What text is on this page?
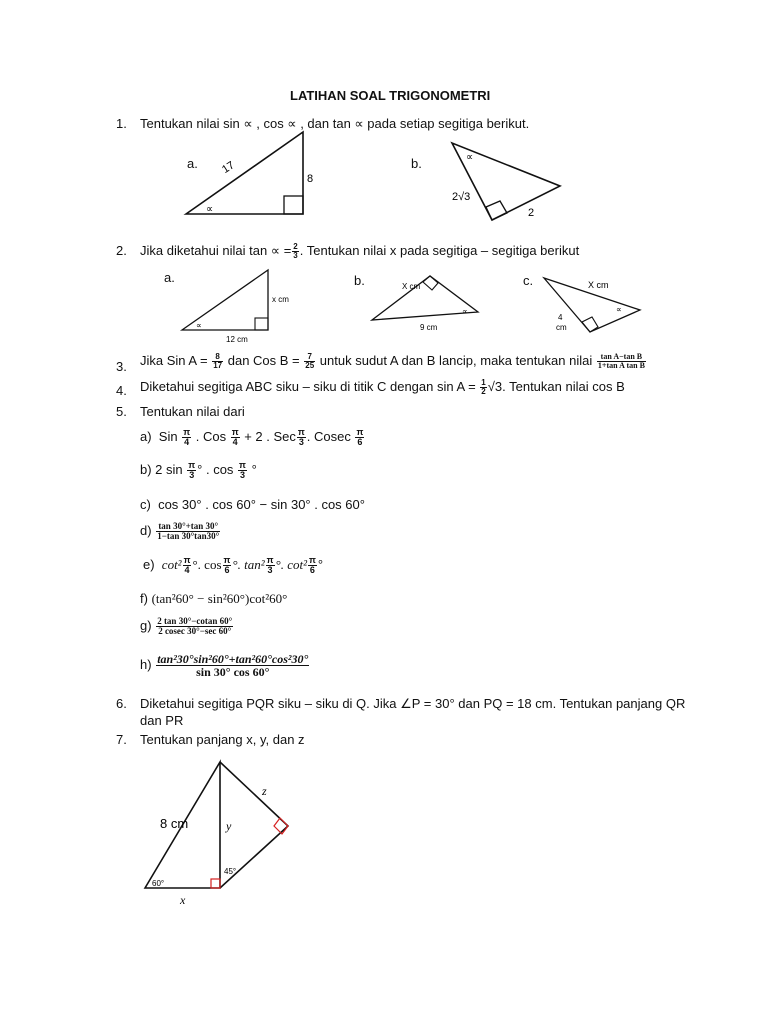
LATIHAN SOAL TRIGONOMETRI
1. Tentukan nilai sin ∝ , cos ∝ , dan tan ∝ pada setiap segitiga berikut.
a. 17
8
∝
b.	∝
2√3
2
2. Jika diketahui nilai tan ∝ = $\frac{2}{3}$ . Tentukan nilai x pada segitiga – segitiga berikut
a.
x cm
12 cm
∝
b.	X cm
9 cm
∝
c.	X cm
4
cm
∝
3. Jika Sin $A = \frac{8}{17}$ dan Cos $B = \frac{7}{25}$ untuk sudut A dan B lancip, maka tentukan nilai $\frac{\text{tan A−tan B}}{\text{1+tan A tan B}}$
4. Diketahui segitiga ABC siku – siku di titik C dengan $\sin A = \frac{1}{2} √3$. Tentukan nilai cos B
5. Tentukan nilai dari
a) Sin $\frac{\pi}{4}$ . Cos $\frac{\pi}{4} + 2$ . Sec $\frac{\pi}{3}$ . Cosec $\frac{\pi}{6}$
b) 2 $\sin \frac{\pi}{3}$ ° . $\cos \frac{\pi}{3}$ °
c) cos 30° . cos 60° − sin 30° . cos 60°
$d) \frac{\tan 30^\circ+\tan 30^\circ}{1-\tan 30^\circ\tan 30^\circ}$
e) $\cot^2 \frac{\pi}{4}$ °. $\cos \frac{\pi}{6}$ °. $\tan^2 \frac{\pi}{3}$ °. $\cot^2 \frac{\pi}{6}$ °
f) (tan²60° − sin²60°)cot²60°
$g) \frac{2 \tan 30^\circ-cotan 60^\circ}{2 cosec 30^\circ-\sec 60^\circ}$
$h) \frac{\text{tan²30°sin²60°+tan²60°cos²30°}}{\sin 30^\circ \cos 60^\circ}$
6. Diketahui segitiga PQR siku – siku di Q. Jika ∠P = 30° dan PQ = 18 cm. Tentukan panjang QR
dan PR
7. Tentukan panjang x, y, dan z
8 cm	y
z
x
60°
45°
